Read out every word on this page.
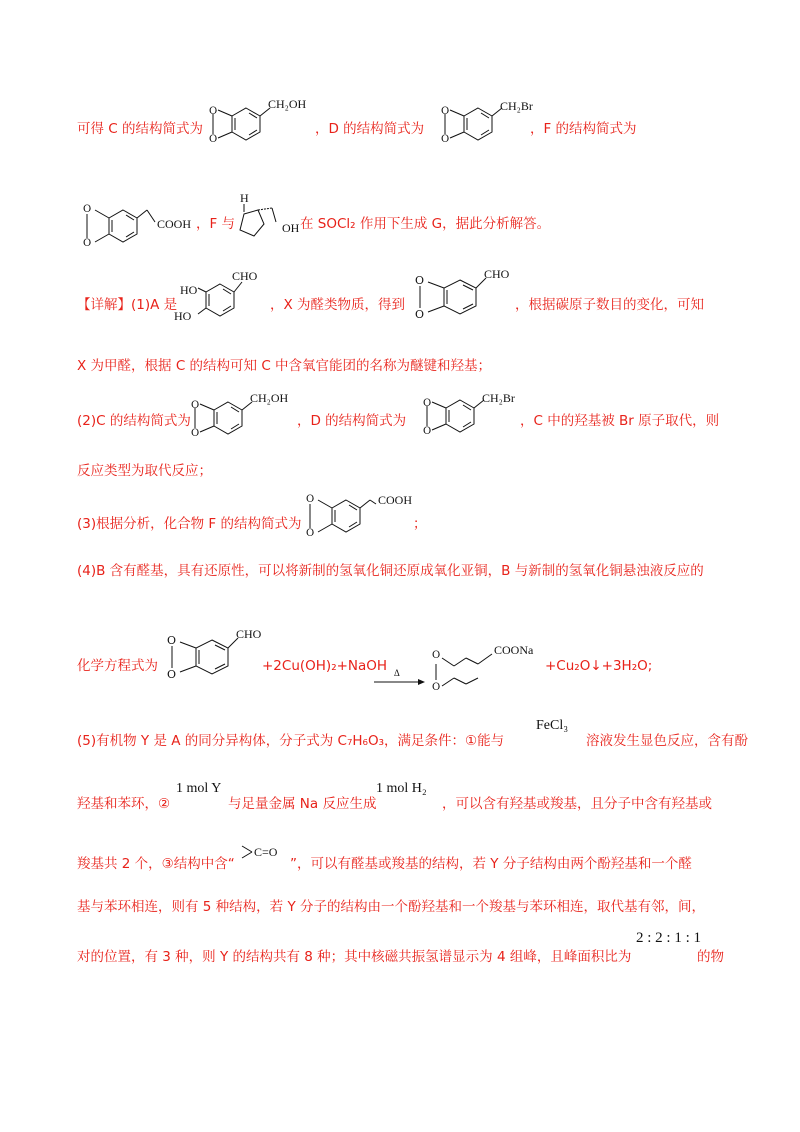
可得 C 的结构简式为
O
O
CH₂OH
，D 的结构简式为
O
O
CH₂Br
，F 的结构简式为
O
O
COOH ，F 与
H
OH 在 SOCl₂ 作用下生成 G，据此分析解答。
【详解】(1)A 是
CHO
HO
HO
，X 为醛类物质，得到
O
O
CHO
，根据碳原子数目的变化，可知
X 为甲醛，根据 C 的结构可知 C 中含氧官能团的名称为醚键和羟基；
(2)C 的结构简式为
O
O
CH₂OH
，D 的结构简式为
O
O
CH₂Br
，C 中的羟基被 Br 原子取代，则
反应类型为取代反应；
(3)根据分析，化合物 F 的结构简式为
O
O
COOH
；
(4)B 含有醛基，具有还原性，可以将新制的氢氧化铜还原成氧化亚铜，B 与新制的氢氧化铜悬浊液反应的
化学方程式为
O
O
CHO
+2Cu(OH)₂+NaOH Δ
O
O
COONa
+Cu₂O↓+3H₂O;
(5)有机物 Y 是 A 的同分异构体，分子式为 C₇H₆O₃，满足条件：①能与
FeCl₃
溶液发生显色反应，含有酚
羟基和苯环，②
1 mol Y
与足量金属 Na 反应生成
1 mol H₂
，可以含有羟基或羧基，且分子中含有羟基或
羧基共 2 个，③结构中含“
C=O
”，可以有醛基或羧基的结构，若 Y 分子结构由两个酚羟基和一个醛
基与苯环相连，则有 5 种结构，若 Y 分子的结构由一个酚羟基和一个羧基与苯环相连，取代基有邻，间，
对的位置，有 3 种，则 Y 的结构共有 8 种；其中核磁共振氢谱显示为 4 组峰，且峰面积比为
2 : 2 : 1 : 1
的物
